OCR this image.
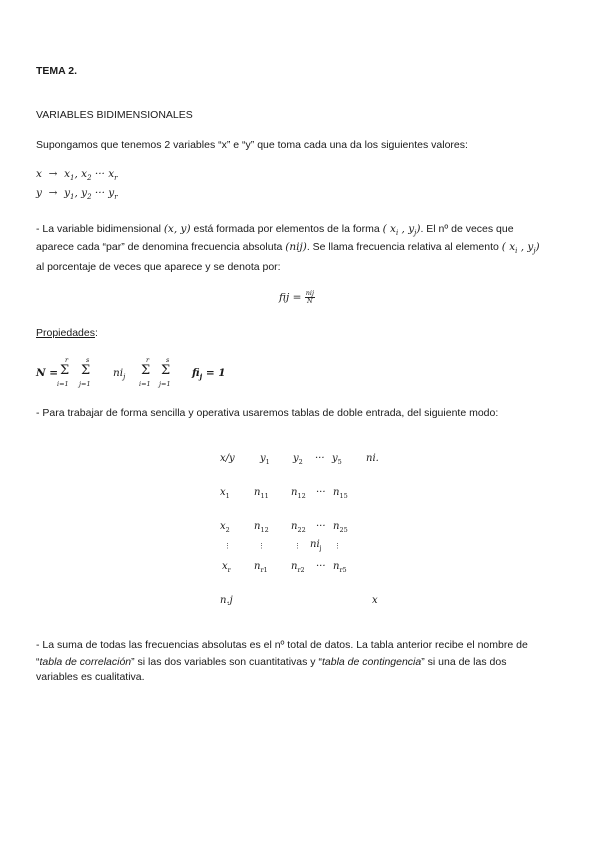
TEMA 2.
VARIABLES BIDIMENSIONALES
Supongamos que tenemos 2 variables “x” e “y” que toma cada una da los siguientes valores:
$x \to x_1$, $x_2$ ··· $x_r$
$y \to y_1$, $y_2$ ··· $y_r$
- La variable bidimensional (x, y) está formada por elementos de la forma ( $x_i$ , $y_j$). El nº de veces que
aparece cada “par” de denomina frecuencia absoluta (nij). Se llama frecuencia relativa al elemento ( $x_i$ , $y_j$)
al porcentaje de veces que aparece y se denota por:
fij = $\frac{\text{nij}}{N}$
Propiedades:
N =
r
Σ
i=1
s
Σ
j=1
$ni_j$
r
Σ
i=1
s
Σ
j=1
$fi_j = 1$
- Para trabajar de forma sencilla y operativa usaremos tablas de doble entrada, del siguiente modo:
x/y	$y_1$ $y_2$ ··· $y_5$ ni.
$x_1$ $n_{11}$ $n_{12}$ ··· $n_{15}$
$x_2$ $n_{12}$ $n_{22}$ ··· $n_{25}$
⋮	⋮	⋮ $ni_j$ ⋮
$x_r$ $n_{r1}$ $n_{r2}$ ··· $n_{r5}$
n.j	x
- La suma de todas las frecuencias absolutas es el nº total de datos. La tabla anterior recibe el nombre de
“tabla de correlación” si las dos variables son cuantitativas y “tabla de contingencia” si una de las dos
variables es cualitativa.
